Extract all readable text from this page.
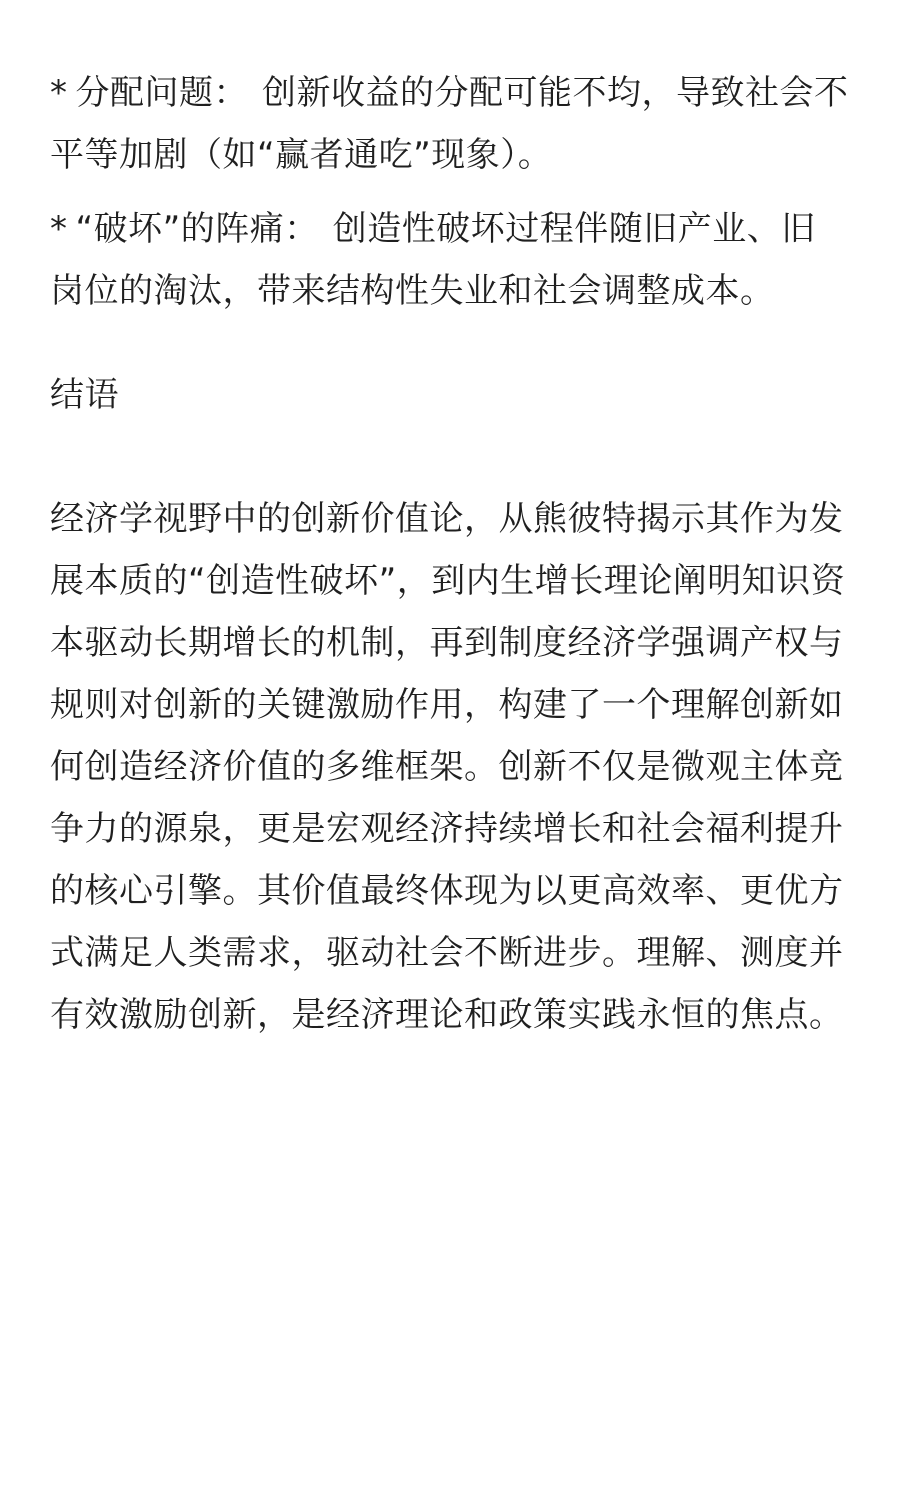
* 分配问题： 创新收益的分配可能不均，导致社会不平等加剧（如“赢者通吃”现象）。

* “破坏”的阵痛： 创造性破坏过程伴随旧产业、旧岗位的淘汰，带来结构性失业和社会调整成本。

结语

经济学视野中的创新价值论，从熊彼特揭示其作为发展本质的“创造性破坏”，到内生增长理论阐明知识资本驱动长期增长的机制，再到制度经济学强调产权与规则对创新的关键激励作用，构建了一个理解创新如何创造经济价值的多维框架。创新不仅是微观主体竞争力的源泉，更是宏观经济持续增长和社会福利提升的核心引擎。其价值最终体现为以更高效率、更优方式满足人类需求，驱动社会不断进步。理解、测度并有效激励创新，是经济理论和政策实践永恒的焦点。
